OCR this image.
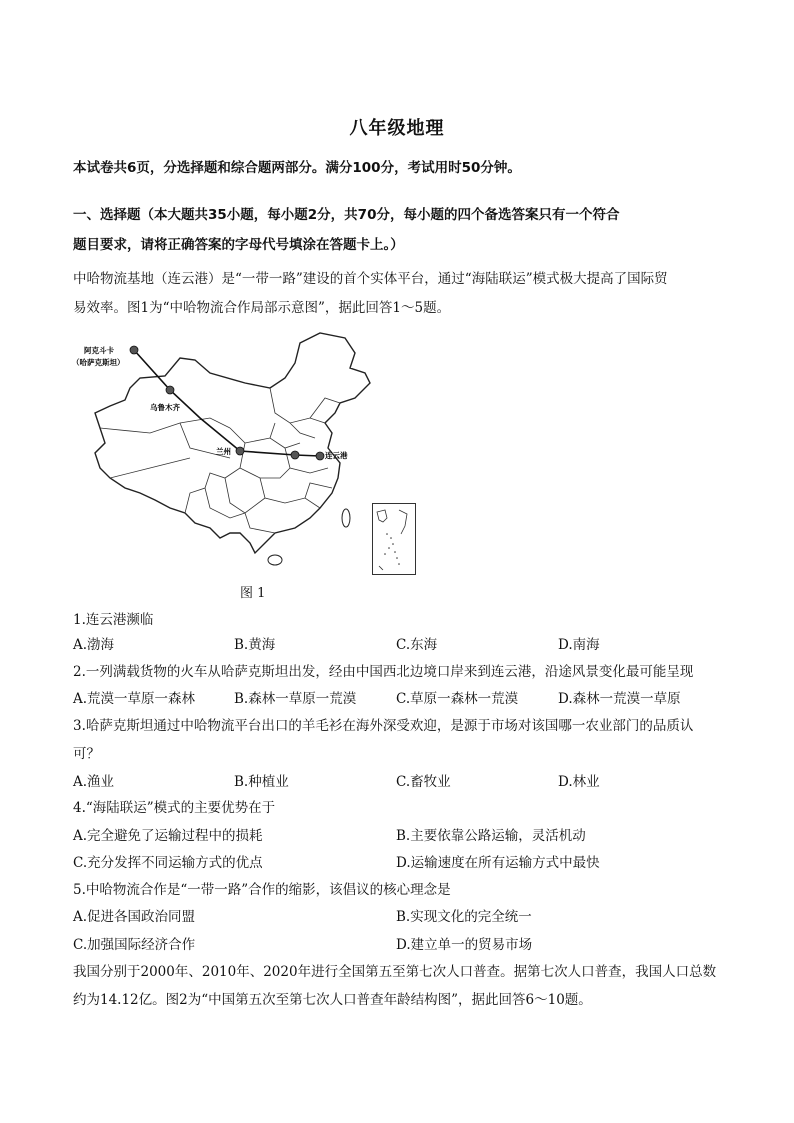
八年级地理
本试卷共6页，分选择题和综合题两部分。满分100分，考试用时50分钟。
一、选择题（本大题共35小题，每小题2分，共70分，每小题的四个备选答案只有一个符合
题目要求，请将正确答案的字母代号填涂在答题卡上。）
中哈物流基地（连云港）是“一带一路”建设的首个实体平台，通过“海陆联运”模式极大提高了国际贸
易效率。图1为“中哈物流合作局部示意图”，据此回答1～5题。
阿克斗卡
（哈萨克斯坦）
乌鲁木齐
兰州	连云港
图 1
1.连云港濒临
A.渤海	B.黄海	C.东海	D.南海
2.一列满载货物的火车从哈萨克斯坦出发，经由中国西北边境口岸来到连云港，沿途风景变化最可能呈现
A.荒漠一草原一森林	B.森林一草原一荒漠	C.草原一森林一荒漠	D.森林一荒漠一草原
3.哈萨克斯坦通过中哈物流平台出口的羊毛衫在海外深受欢迎，是源于市场对该国哪一农业部门的品质认
可？
A.渔业	B.种植业	C.畜牧业	D.林业
4.“海陆联运”模式的主要优势在于
A.完全避免了运输过程中的损耗	B.主要依靠公路运输，灵活机动
C.充分发挥不同运输方式的优点	D.运输速度在所有运输方式中最快
5.中哈物流合作是“一带一路”合作的缩影，该倡议的核心理念是
A.促进各国政治同盟	B.实现文化的完全统一
C.加强国际经济合作	D.建立单一的贸易市场
我国分别于2000年、2010年、2020年进行全国第五至第七次人口普查。据第七次人口普查，我国人口总数
约为14.12亿。图2为“中国第五次至第七次人口普查年龄结构图”，据此回答6～10题。
